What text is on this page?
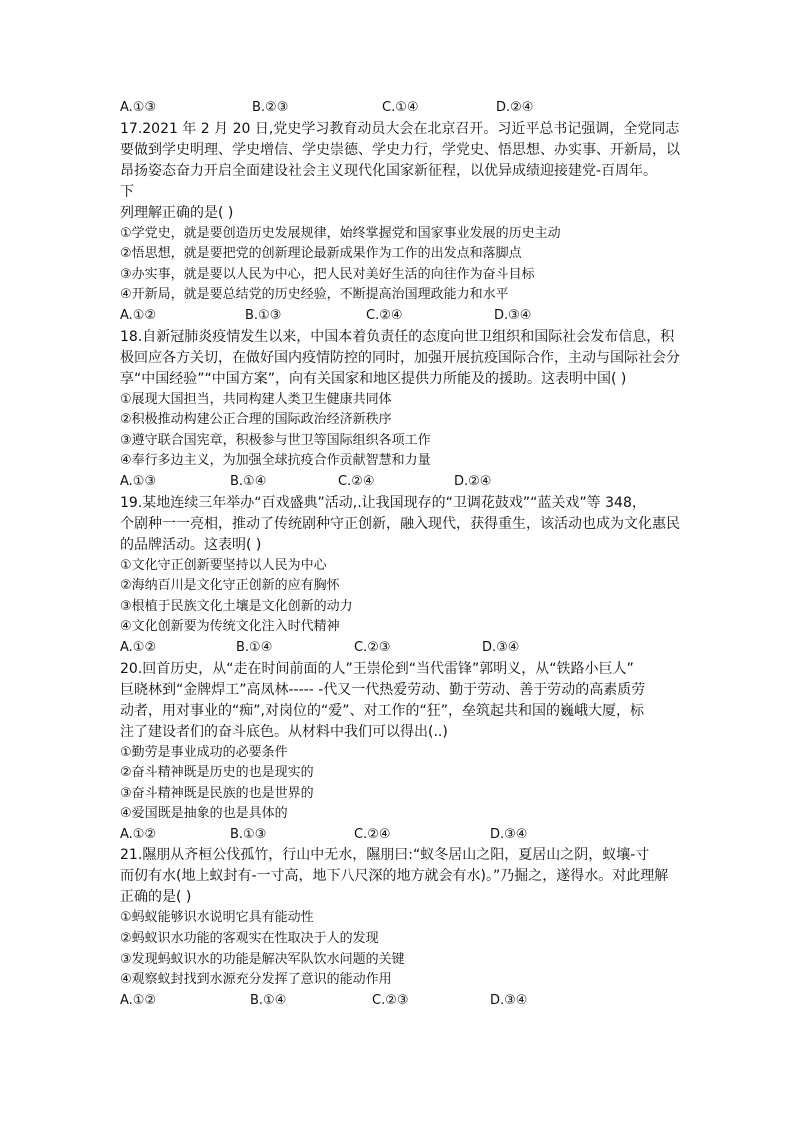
A.①③	B.②③	C.①④	D.②④
17.2021 年 2 月 20 日,党史学习教育动员大会在北京召开。习近平总书记强调，全党同志
要做到学史明理、学史增信、学史崇德、学史力行，学党史、悟思想、办实事、开新局，以
昂扬姿态奋力开启全面建设社会主义现代化国家新征程，以优异成绩迎接建党-百周年。
下
列理解正确的是( )
①学党史，就是要创造历史发展规律，始终掌握党和国家事业发展的历史主动
②悟思想，就是要把党的创新理论最新成果作为工作的出发点和落脚点
③办实事，就是要以人民为中心，把人民对美好生活的向往作为奋斗目标
④开新局，就是要总结党的历史经验，不断提高治国理政能力和水平
A.①②	B.①③	C.②④	D.③④
18.自新冠肺炎疫情发生以来，中国本着负责任的态度向世卫组织和国际社会发布信息，积
极回应各方关切，在做好国内疫情防控的同时，加强开展抗疫国际合作，主动与国际社会分
享“中国经验”“中国方案”，向有关国家和地区提供力所能及的援助。这表明中国( )
①展现大国担当，共同构建人类卫生健康共同体
②积极推动构建公正合理的国际政治经济新秩序
③遵守联合国宪章，积极参与世卫等国际组织各项工作
④奉行多边主义，为加强全球抗疫合作贡献智慧和力量
A.①③	B.①④	C.②④	D.②④
19.某地连续三年举办“百戏盛典”活动,.让我国现存的“卫调花鼓戏”“蓝关戏”等 348，
个剧种一一亮相，推动了传统剧种守正创新，融入现代，获得重生，该活动也成为文化惠民
的品牌活动。这表明( )
①文化守正创新要坚持以人民为中心
②海纳百川是文化守正创新的应有胸怀
③根植于民族文化土壤是文化创新的动力
④文化创新要为传统文化注入时代精神
A.①②	B.①④	C.②③	D.③④
20.回首历史，从“走在时间前面的人”王崇伦到“当代雷锋”郭明义，从“铁路小巨人”
巨晓林到“金牌焊工”高凤林----- -代又一代热爱劳动、勤于劳动、善于劳动的高素质劳
动者，用对事业的“痴”,对岗位的“爱”、对工作的“狂”，垒筑起共和国的巍峨大厦，标
注了建设者们的奋斗底色。从材料中我们可以得出(..)
①勤劳是事业成功的必要条件
②奋斗精神既是历史的也是现实的
③奋斗精神既是民族的也是世界的
④爱国既是抽象的也是具体的
A.①②	B.①③	C.②④	D.③④
21.隰朋从齐桓公伐孤竹，行山中无水，隰朋曰:“蚁冬居山之阳，夏居山之阴，蚁壤-寸
而仞有水(地上蚁封有-一寸高，地下八尺深的地方就会有水)。”乃掘之，遂得水。对此理解
正确的是( )
①蚂蚁能够识水说明它具有能动性
②蚂蚁识水功能的客观实在性取决于人的发现
③发现蚂蚁识水的功能是解决军队饮水问题的关键
④观察蚁封找到水源充分发挥了意识的能动作用
A.①②	B.①④	C.②③	D.③④
